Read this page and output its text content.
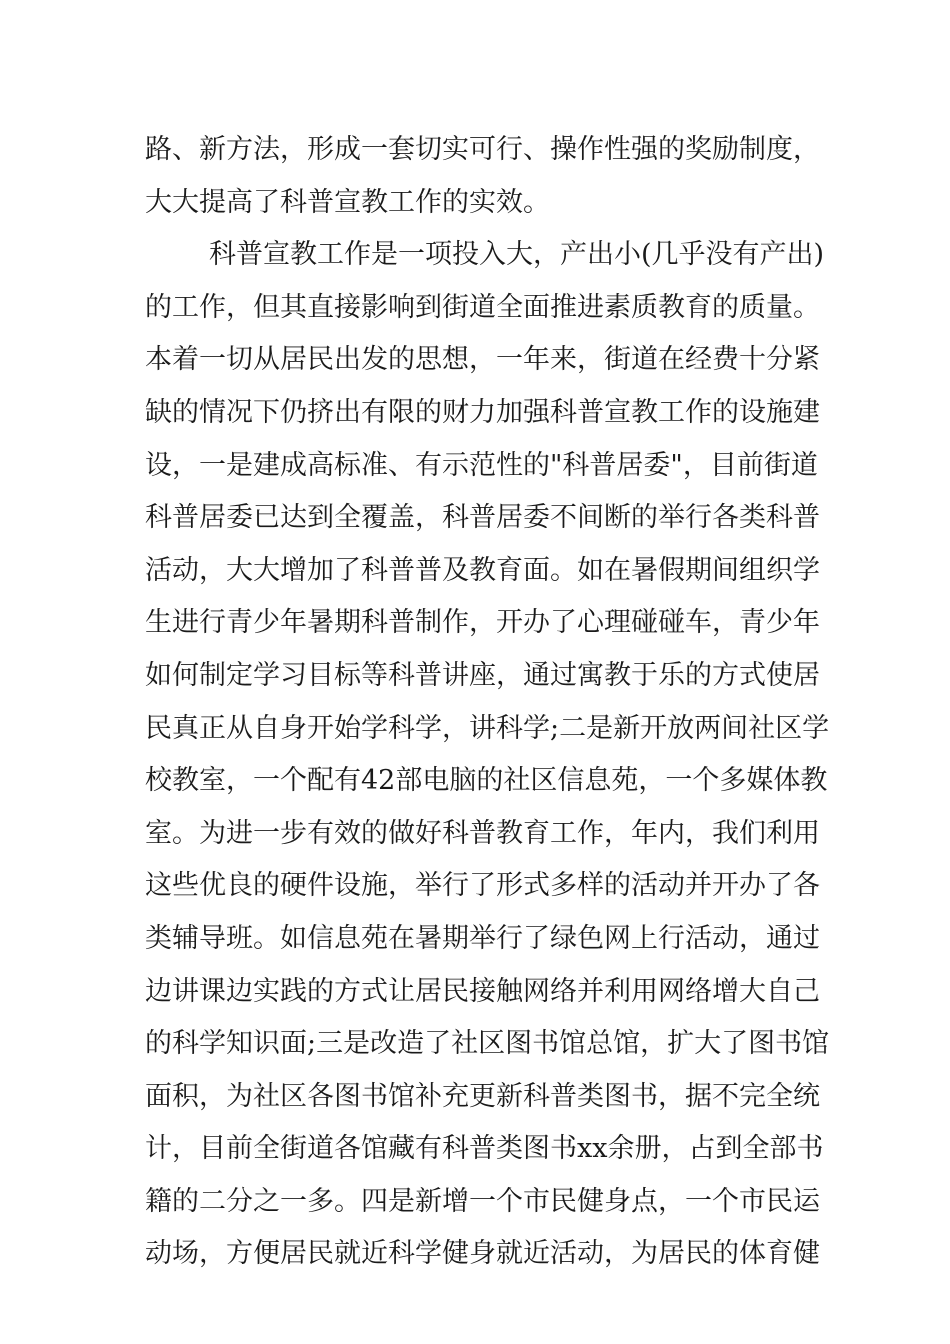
路、新方法，形成一套切实可行、操作性强的奖励制度，
大大提高了科普宣教工作的实效。
科普宣教工作是一项投入大，产出小(几乎没有产出)
的工作，但其直接影响到街道全面推进素质教育的质量。
本着一切从居民出发的思想，一年来，街道在经费十分紧
缺的情况下仍挤出有限的财力加强科普宣教工作的设施建
设，一是建成高标准、有示范性的"科普居委"，目前街道
科普居委已达到全覆盖，科普居委不间断的举行各类科普
活动，大大增加了科普普及教育面。如在暑假期间组织学
生进行青少年暑期科普制作，开办了心理碰碰车，青少年
如何制定学习目标等科普讲座，通过寓教于乐的方式使居
民真正从自身开始学科学，讲科学;二是新开放两间社区学
校教室，一个配有42部电脑的社区信息苑，一个多媒体教
室。为进一步有效的做好科普教育工作，年内，我们利用
这些优良的硬件设施，举行了形式多样的活动并开办了各
类辅导班。如信息苑在暑期举行了绿色网上行活动，通过
边讲课边实践的方式让居民接触网络并利用网络增大自己
的科学知识面;三是改造了社区图书馆总馆，扩大了图书馆
面积，为社区各图书馆补充更新科普类图书，据不完全统
计，目前全街道各馆藏有科普类图书xx余册，占到全部书
籍的二分之一多。四是新增一个市民健身点，一个市民运
动场，方便居民就近科学健身就近活动，为居民的体育健
